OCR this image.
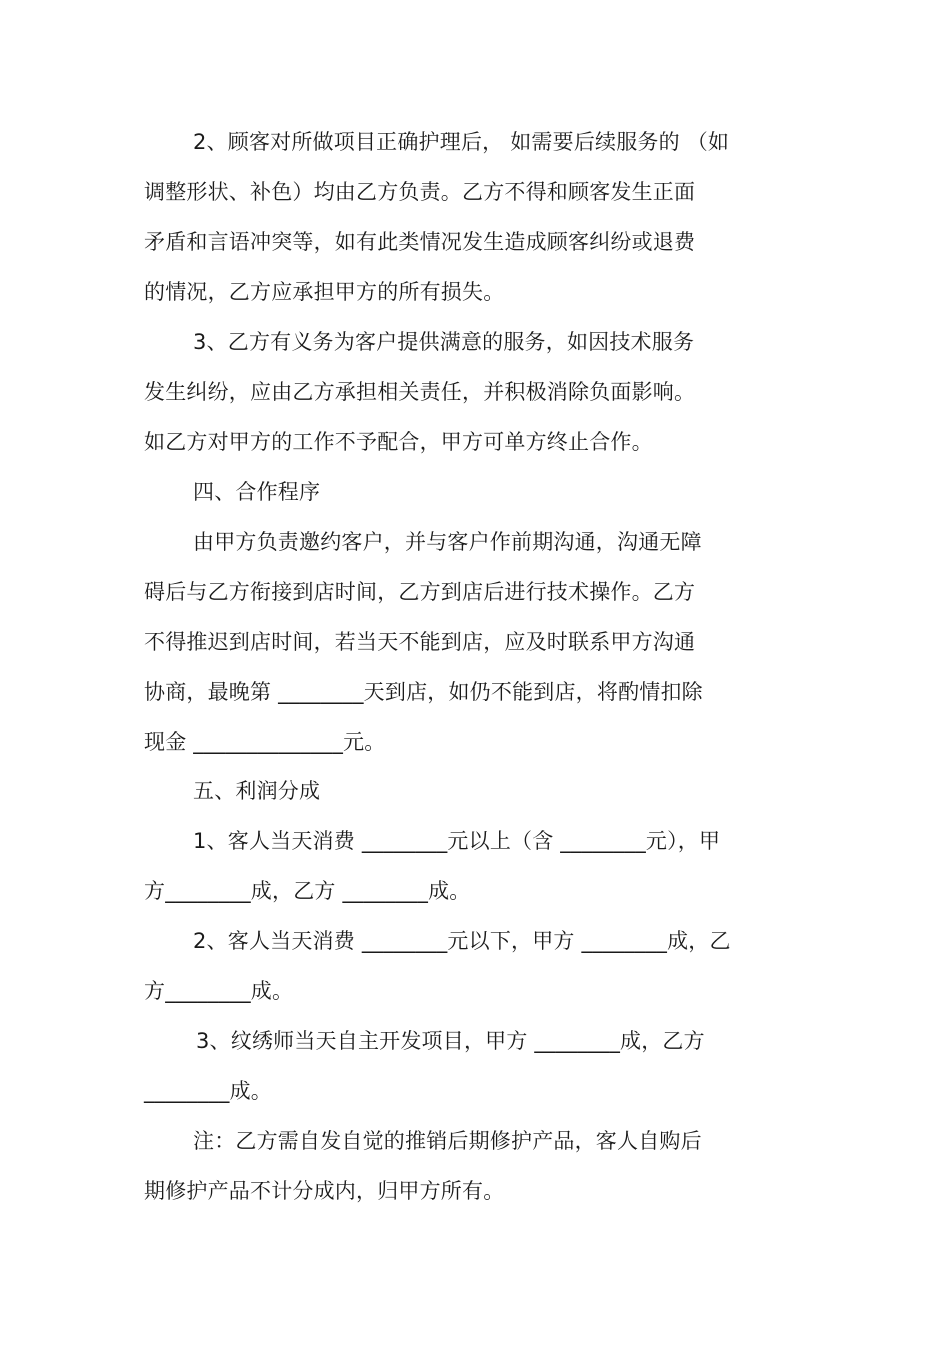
2、顾客对所做项目正确护理后， 如需要后续服务的 （如
调整形状、补色）均由乙方负责。乙方不得和顾客发生正面
矛盾和言语冲突等，如有此类情况发生造成顾客纠纷或退费
的情况，乙方应承担甲方的所有损失。
3、乙方有义务为客户提供满意的服务，如因技术服务
发生纠纷，应由乙方承担相关责任，并积极消除负面影响。
如乙方对甲方的工作不予配合，甲方可单方终止合作。
四、合作程序
由甲方负责邀约客户，并与客户作前期沟通，沟通无障
碍后与乙方衔接到店时间，乙方到店后进行技术操作。乙方
不得推迟到店时间，若当天不能到店，应及时联系甲方沟通
协商，最晚第 ________天到店，如仍不能到店，将酌情扣除
现金 ______________元。
五、利润分成
1、客人当天消费 ________元以上（含 ________元），甲
方________成，乙方 ________成。
2、客人当天消费 ________元以下，甲方 ________成，乙
方________成。
3、纹绣师当天自主开发项目，甲方 ________成，乙方
________成。
注：乙方需自发自觉的推销后期修护产品，客人自购后
期修护产品不计分成内，归甲方所有。
